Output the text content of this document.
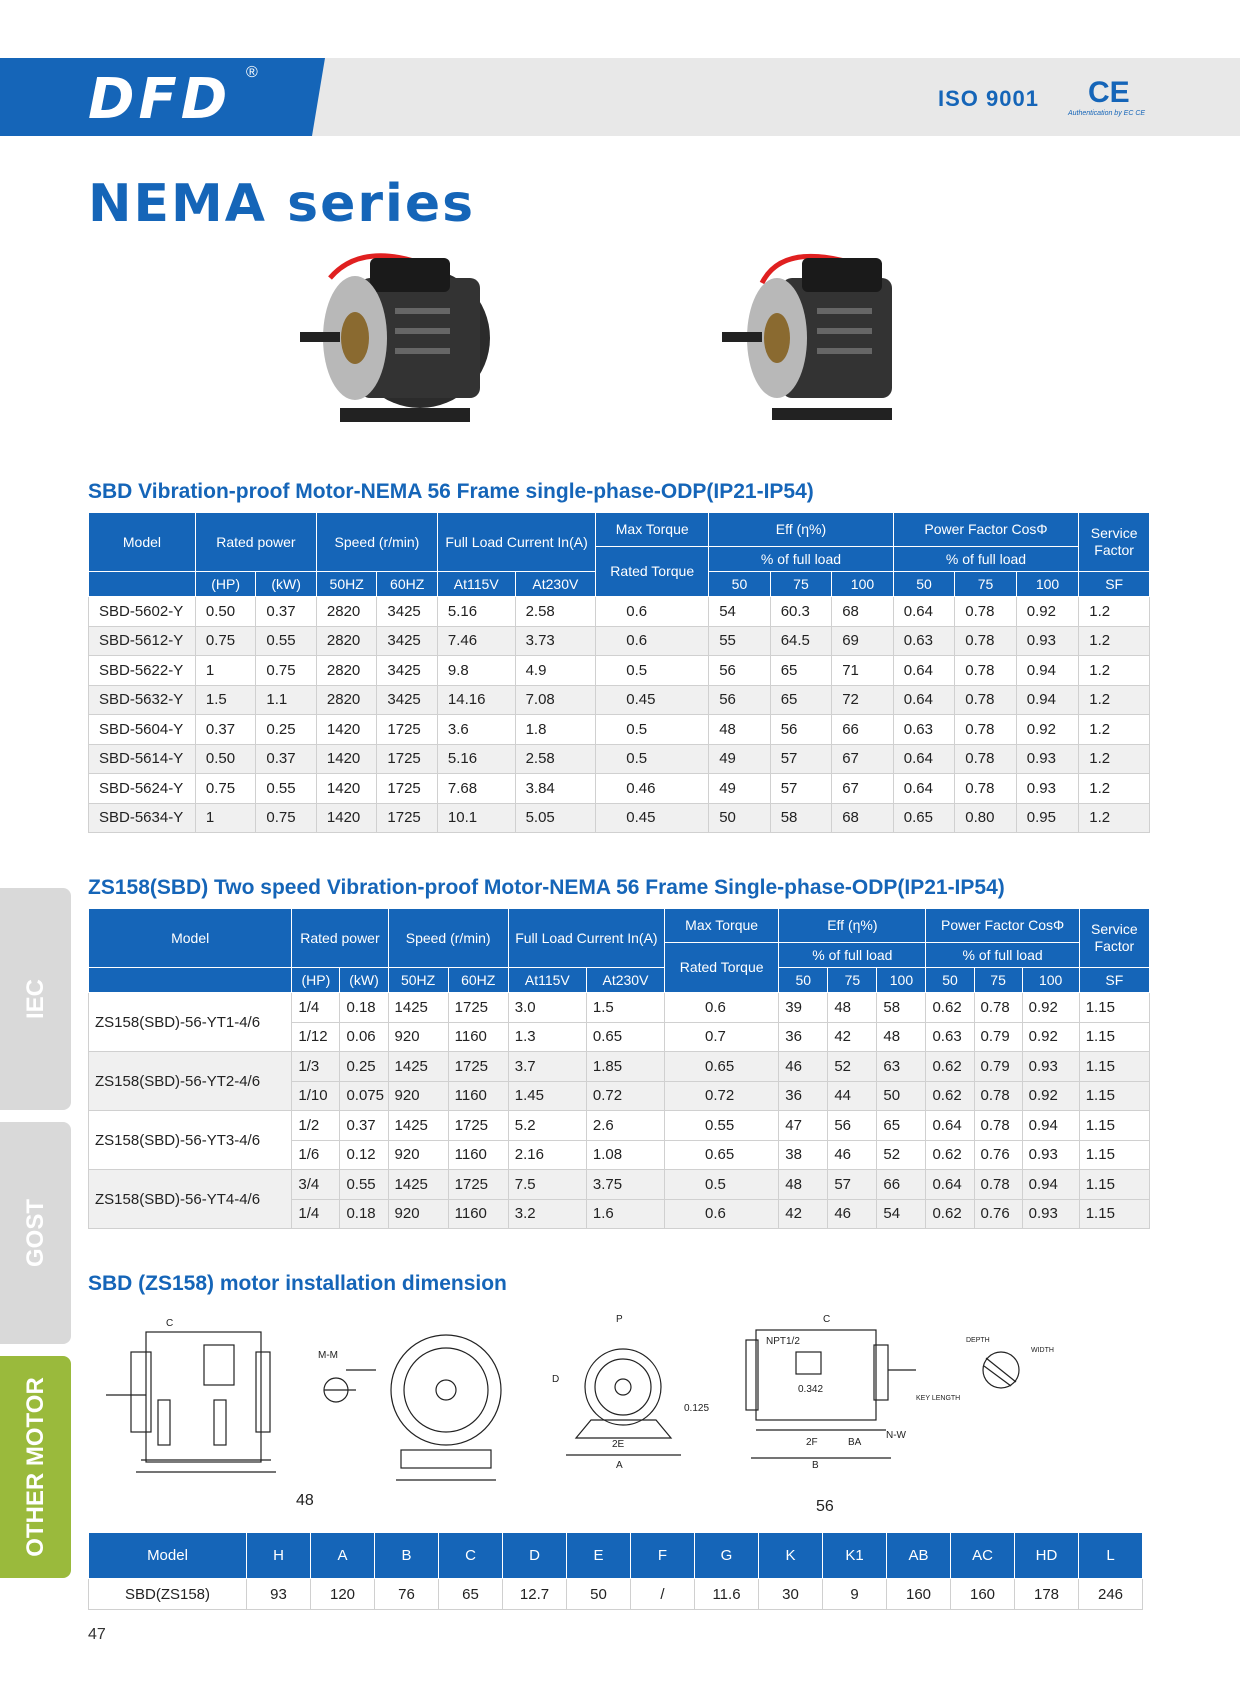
DFD ®
ISO 9001 CE
Authentication by EC CE
NEMA series
SBD Vibration-proof Motor-NEMA 56 Frame single-phase-ODP(IP21-IP54)
Model	Rated power		Speed (r/min)		Full Load Current In(A)		Max Torque	Eff (η%)			Power Factor CosΦ			Service Factor
							Rated Torque	% of full load			% of full load			
	(HP)	(kW)	50HZ	60HZ	At115V	At230V		50	75	100	50	75	100	SF
SBD-5602-Y	0.50	0.37	2820	3425	5.16	2.58	0.6	54	60.3	68	0.64	0.78	0.92	1.2
SBD-5612-Y	0.75	0.55	2820	3425	7.46	3.73	0.6	55	64.5	69	0.63	0.78	0.93	1.2
SBD-5622-Y	1	0.75	2820	3425	9.8	4.9	0.5	56	65	71	0.64	0.78	0.94	1.2
SBD-5632-Y	1.5	1.1	2820	3425	14.16	7.08	0.45	56	65	72	0.64	0.78	0.94	1.2
SBD-5604-Y	0.37	0.25	1420	1725	3.6	1.8	0.5	48	56	66	0.63	0.78	0.92	1.2
SBD-5614-Y	0.50	0.37	1420	1725	5.16	2.58	0.5	49	57	67	0.64	0.78	0.93	1.2
SBD-5624-Y	0.75	0.55	1420	1725	7.68	3.84	0.46	49	57	67	0.64	0.78	0.93	1.2
SBD-5634-Y	1	0.75	1420	1725	10.1	5.05	0.45	50	58	68	0.65	0.80	0.95	1.2
ZS158(SBD) Two speed Vibration-proof Motor-NEMA 56 Frame Single-phase-ODP(IP21-IP54)
Model	Rated power		Speed (r/min)		Full Load Current In(A)		Max Torque	Eff (η%)			Power Factor CosΦ			Service Factor
							Rated Torque	% of full load			% of full load			
	(HP)	(kW)	50HZ	60HZ	At115V	At230V		50	75	100	50	75	100	SF
ZS158(SBD)-56-YT1-4/6	1/4	0.18	1425	1725	3.0	1.5	0.6	39	48	58	0.62	0.78	0.92	1.15
	1/12	0.06	920	1160	1.3	0.65	0.7	36	42	48	0.63	0.79	0.92	1.15
ZS158(SBD)-56-YT2-4/6	1/3	0.25	1425	1725	3.7	1.85	0.65	46	52	63	0.62	0.79	0.93	1.15
	1/10	0.075	920	1160	1.45	0.72	0.72	36	44	50	0.62	0.78	0.92	1.15
ZS158(SBD)-56-YT3-4/6	1/2	0.37	1425	1725	5.2	2.6	0.55	47	56	65	0.64	0.78	0.94	1.15
	1/6	0.12	920	1160	2.16	1.08	0.65	38	46	52	0.62	0.76	0.93	1.15
ZS158(SBD)-56-YT4-4/6	3/4	0.55	1425	1725	7.5	3.75	0.5	48	57	66	0.64	0.78	0.94	1.15
	1/4	0.18	920	1160	3.2	1.6	0.6	42	46	54	0.62	0.76	0.93	1.15
IEC
GOST
OTHER MOTOR
SBD (ZS158) motor installation dimension
C
M-M
P
D
0.125
2E
A
C
NPT1/2
0.342
2F	BA
N-W
B
DEPTH
WIDTH
KEY LENGTH
48	56
Model	H	A	B	C	D	E	F	G	K	K1	AB	AC	HD	L
SBD(ZS158)	93	120	76	65	12.7	50	/	11.6	30	9	160	160	178	246
47
